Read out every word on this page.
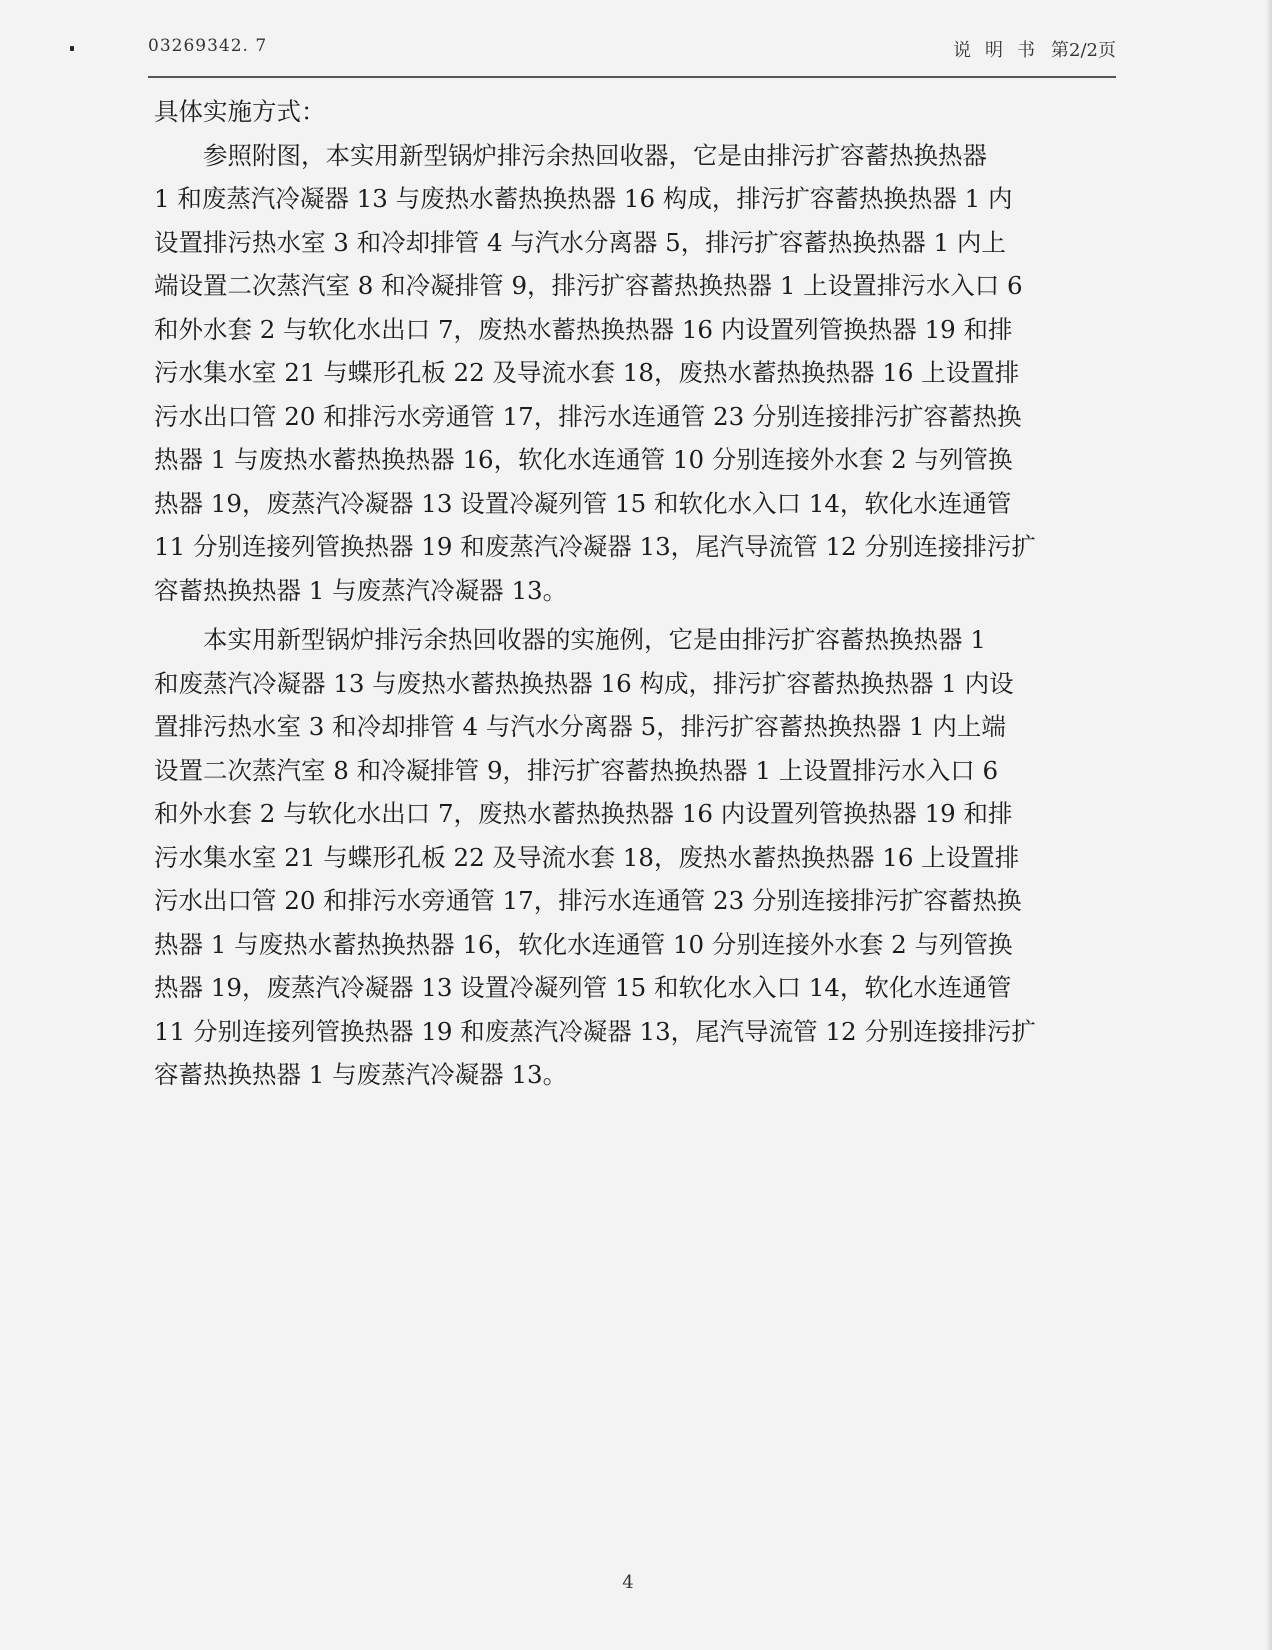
03269342. 7	说明书 第2/2页
具体实施方式：

参照附图，本实用新型锅炉排污余热回收器，它是由排污扩容蓄热换热器
1 和废蒸汽冷凝器 13 与废热水蓄热换热器 16 构成，排污扩容蓄热换热器 1 内
设置排污热水室 3 和冷却排管 4 与汽水分离器 5，排污扩容蓄热换热器 1 内上
端设置二次蒸汽室 8 和冷凝排管 9，排污扩容蓄热换热器 1 上设置排污水入口 6
和外水套 2 与软化水出口 7，废热水蓄热换热器 16 内设置列管换热器 19 和排
污水集水室 21 与蝶形孔板 22 及导流水套 18，废热水蓄热换热器 16 上设置排
污水出口管 20 和排污水旁通管 17，排污水连通管 23 分别连接排污扩容蓄热换
热器 1 与废热水蓄热换热器 16，软化水连通管 10 分别连接外水套 2 与列管换
热器 19，废蒸汽冷凝器 13 设置冷凝列管 15 和软化水入口 14，软化水连通管
11 分别连接列管换热器 19 和废蒸汽冷凝器 13，尾汽导流管 12 分别连接排污扩
容蓄热换热器 1 与废蒸汽冷凝器 13。

本实用新型锅炉排污余热回收器的实施例，它是由排污扩容蓄热换热器 1
和废蒸汽冷凝器 13 与废热水蓄热换热器 16 构成，排污扩容蓄热换热器 1 内设
置排污热水室 3 和冷却排管 4 与汽水分离器 5，排污扩容蓄热换热器 1 内上端
设置二次蒸汽室 8 和冷凝排管 9，排污扩容蓄热换热器 1 上设置排污水入口 6
和外水套 2 与软化水出口 7，废热水蓄热换热器 16 内设置列管换热器 19 和排
污水集水室 21 与蝶形孔板 22 及导流水套 18，废热水蓄热换热器 16 上设置排
污水出口管 20 和排污水旁通管 17，排污水连通管 23 分别连接排污扩容蓄热换
热器 1 与废热水蓄热换热器 16，软化水连通管 10 分别连接外水套 2 与列管换
热器 19，废蒸汽冷凝器 13 设置冷凝列管 15 和软化水入口 14，软化水连通管
11 分别连接列管换热器 19 和废蒸汽冷凝器 13，尾汽导流管 12 分别连接排污扩
容蓄热换热器 1 与废蒸汽冷凝器 13。

4
